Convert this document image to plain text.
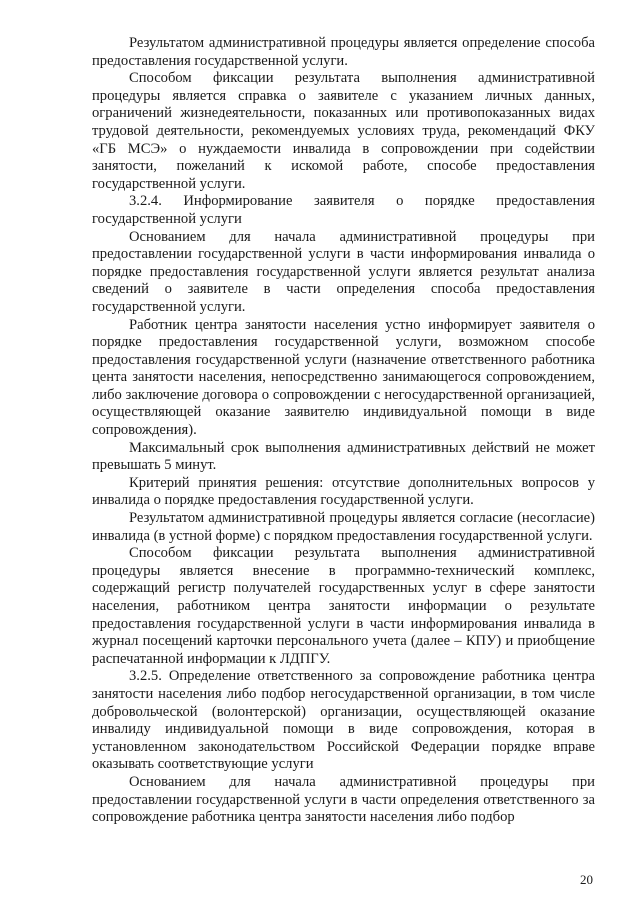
Результатом административной процедуры является определение способа предоставления государственной услуги.

Способом фиксации результата выполнения административной процедуры является справка о заявителе с указанием личных данных, ограничений жизнедеятельности, показанных или противопоказанных видах трудовой деятельности, рекомендуемых условиях труда, рекомендаций ФКУ «ГБ МСЭ» о нуждаемости инвалида в сопровождении при содействии занятости, пожеланий к искомой работе, способе предоставления государственной услуги.

3.2.4. Информирование заявителя о порядке предоставления государственной услуги

Основанием для начала административной процедуры при предоставлении государственной услуги в части информирования инвалида о порядке предоставления государственной услуги является результат анализа сведений о заявителе в части определения способа предоставления государственной услуги.

Работник центра занятости населения устно информирует заявителя о порядке предоставления государственной услуги, возможном способе предоставления государственной услуги (назначение ответственного работника цента занятости населения, непосредственно занимающегося сопровождением, либо заключение договора о сопровождении с негосударственной организацией, осуществляющей оказание заявителю индивидуальной помощи в виде сопровождения).

Максимальный срок выполнения административных действий не может превышать 5 минут.

Критерий принятия решения: отсутствие дополнительных вопросов у инвалида о порядке предоставления государственной услуги.

Результатом административной процедуры является согласие (несогласие) инвалида (в устной форме) с порядком предоставления государственной услуги.

Способом фиксации результата выполнения административной процедуры является внесение в программно-технический комплекс, содержащий регистр получателей государственных услуг в сфере занятости населения, работником центра занятости информации о результате предоставления государственной услуги в части информирования инвалида в журнал посещений карточки персонального учета (далее – КПУ) и приобщение распечатанной информации к ЛДПГУ.

3.2.5. Определение ответственного за сопровождение работника центра занятости населения либо подбор негосударственной организации, в том числе добровольческой (волонтерской) организации, осуществляющей оказание инвалиду индивидуальной помощи в виде сопровождения, которая в установленном законодательством Российской Федерации порядке вправе оказывать соответствующие услуги

Основанием для начала административной процедуры при предоставлении государственной услуги в части определения ответственного за сопровождение работника центра занятости населения либо подбор

20
